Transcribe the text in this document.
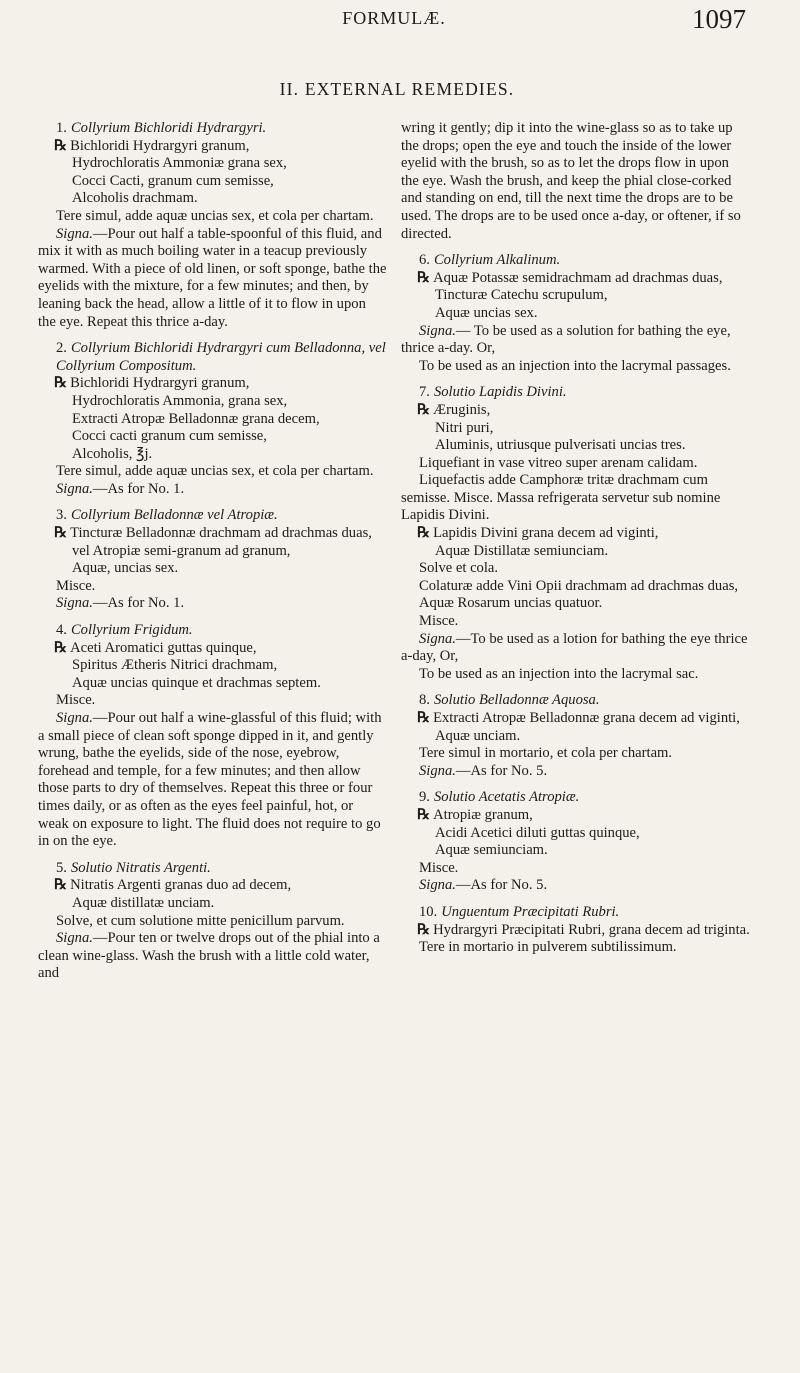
FORMULÆ.	1097
II. EXTERNAL REMEDIES.
1. Collyrium Bichloridi Hydrargyri.
℞ Bichloridi Hydrargyri granum,
Hydrochloratis Ammoniæ grana sex,
Cocci Cacti, granum cum semisse,
Alcoholis drachmam.
Tere simul, adde aquæ uncias sex, et cola per chartam.
Signa.—Pour out half a table-spoonful of this fluid, and mix it with as much boiling water in a teacup previously warmed. With a piece of old linen, or soft sponge, bathe the eyelids with the mixture, for a few minutes; and then, by leaning back the head, allow a little of it to flow in upon the eye. Repeat this thrice a-day.
2. Collyrium Bichloridi Hydrargyri cum Belladonna, vel Collyrium Compositum.
℞ Bichloridi Hydrargyri granum,
Hydrochloratis Ammonia, grana sex,
Extracti Atropæ Belladonnæ grana decem,
Cocci cacti granum cum semisse,
Alcoholis, ℥j.
Tere simul, adde aquæ uncias sex, et cola per chartam.
Signa.—As for No. 1.
3. Collyrium Belladonnæ vel Atropiæ.
℞ Tincturæ Belladonnæ drachmam ad drachmas duas, vel Atropiæ semi-granum ad granum,
Aquæ, uncias sex.
Misce.
Signa.—As for No. 1.
4. Collyrium Frigidum.
℞ Aceti Aromatici guttas quinque,
Spiritus Ætheris Nitrici drachmam,
Aquæ uncias quinque et drachmas septem.
Misce.
Signa.—Pour out half a wine-glassful of this fluid; with a small piece of clean soft sponge dipped in it, and gently wrung, bathe the eyelids, side of the nose, eyebrow, forehead and temple, for a few minutes; and then allow those parts to dry of themselves. Repeat this three or four times daily, or as often as the eyes feel painful, hot, or weak on exposure to light. The fluid does not require to go in on the eye.
5. Solutio Nitratis Argenti.
℞ Nitratis Argenti granas duo ad decem,
Aquæ distillatæ unciam.
Solve, et cum solutione mitte penicillum parvum.
Signa.—Pour ten or twelve drops out of the phial into a clean wine-glass. Wash the brush with a little cold water, and
wring it gently; dip it into the wine-glass so as to take up the drops; open the eye and touch the inside of the lower eyelid with the brush, so as to let the drops flow in upon the eye. Wash the brush, and keep the phial close-corked and standing on end, till the next time the drops are to be used. The drops are to be used once a-day, or oftener, if so directed.
6. Collyrium Alkalinum.
℞ Aquæ Potassæ semidrachmam ad drachmas duas,
Tincturæ Catechu scrupulum,
Aquæ uncias sex.
Signa.— To be used as a solution for bathing the eye, thrice a-day. Or,
To be used as an injection into the lacrymal passages.
7. Solutio Lapidis Divini.
℞ Æruginis,
Nitri puri,
Aluminis, utriusque pulverisati uncias tres.
Liquefiant in vase vitreo super arenam calidam.
Liquefactis adde Camphoræ tritæ drachmam cum semisse. Misce. Massa refrigerata servetur sub nomine Lapidis Divini.
℞ Lapidis Divini grana decem ad viginti,
Aquæ Distillatæ semiunciam.
Solve et cola.
Colaturæ adde Vini Opii drachmam ad drachmas duas,
Aquæ Rosarum uncias quatuor.
Misce.
Signa.—To be used as a lotion for bathing the eye thrice a-day, Or,
To be used as an injection into the lacrymal sac.
8. Solutio Belladonnæ Aquosa.
℞ Extracti Atropæ Belladonnæ grana decem ad viginti,
Aquæ unciam.
Tere simul in mortario, et cola per chartam.
Signa.—As for No. 5.
9. Solutio Acetatis Atropiæ.
℞ Atropiæ granum,
Acidi Acetici diluti guttas quinque,
Aquæ semiunciam.
Misce.
Signa.—As for No. 5.
10. Unguentum Præcipitati Rubri.
℞ Hydrargyri Præcipitati Rubri, grana decem ad triginta.
Tere in mortario in pulverem subtilissimum.
